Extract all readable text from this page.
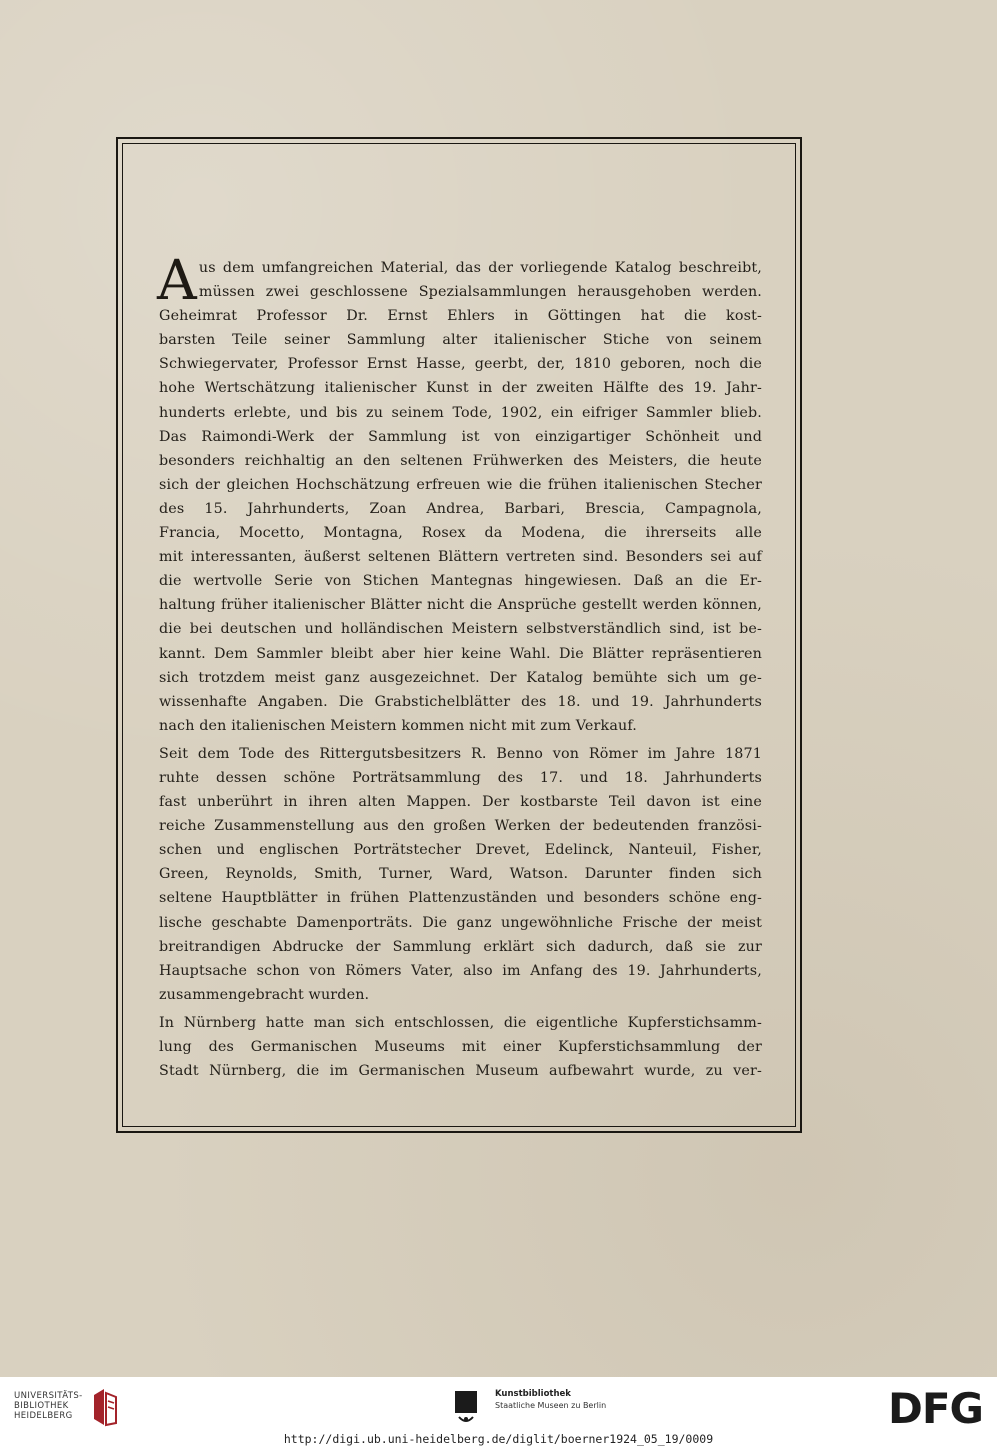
A us dem umfangreichen Material, das der vorliegende Katalog beschreibt,
müssen zwei geschlossene Spezialsammlungen herausgehoben werden.
Geheimrat Professor Dr. Ernst Ehlers in Göttingen hat die kost-
barsten Teile seiner Sammlung alter italienischer Stiche von seinem
Schwiegervater, Professor Ernst Hasse, geerbt, der, 1810 geboren, noch die
hohe Wertschätzung italienischer Kunst in der zweiten Hälfte des 19. Jahr-
hunderts erlebte, und bis zu seinem Tode, 1902, ein eifriger Sammler blieb.
Das Raimondi-Werk der Sammlung ist von einzigartiger Schönheit und
besonders reichhaltig an den seltenen Frühwerken des Meisters, die heute
sich der gleichen Hochschätzung erfreuen wie die frühen italienischen Stecher
des 15. Jahrhunderts, Zoan Andrea, Barbari, Brescia, Campagnola,
Francia, Mocetto, Montagna, Rosex da Modena, die ihrerseits alle
mit interessanten, äußerst seltenen Blättern vertreten sind. Besonders sei auf
die wertvolle Serie von Stichen Mantegnas hingewiesen. Daß an die Er-
haltung früher italienischer Blätter nicht die Ansprüche gestellt werden können,
die bei deutschen und holländischen Meistern selbstverständlich sind, ist be-
kannt. Dem Sammler bleibt aber hier keine Wahl. Die Blätter repräsentieren
sich trotzdem meist ganz ausgezeichnet. Der Katalog bemühte sich um ge-
wissenhafte Angaben. Die Grabstichelblätter des 18. und 19. Jahrhunderts
nach den italienischen Meistern kommen nicht mit zum Verkauf.
Seit dem Tode des Rittergutsbesitzers R. Benno von Römer im Jahre 1871
ruhte dessen schöne Porträtsammlung des 17. und 18. Jahrhunderts
fast unberührt in ihren alten Mappen. Der kostbarste Teil davon ist eine
reiche Zusammenstellung aus den großen Werken der bedeutenden französi-
schen und englischen Porträtstecher Drevet, Edelinck, Nanteuil, Fisher,
Green, Reynolds, Smith, Turner, Ward, Watson. Darunter finden sich
seltene Hauptblätter in frühen Plattenzuständen und besonders schöne eng-
lische geschabte Damenporträts. Die ganz ungewöhnliche Frische der meist
breitrandigen Abdrucke der Sammlung erklärt sich dadurch, daß sie zur
Hauptsache schon von Römers Vater, also im Anfang des 19. Jahrhunderts,
zusammengebracht wurden.
In Nürnberg hatte man sich entschlossen, die eigentliche Kupferstichsamm-
lung des Germanischen Museums mit einer Kupferstichsammlung der
Stadt Nürnberg, die im Germanischen Museum aufbewahrt wurde, zu ver-
UNIVERSITÄTS-
BIBLIOTHEK
HEIDELBERG
Kunstbibliothek
Staatliche Museen zu Berlin	DFG
http://digi.ub.uni-heidelberg.de/diglit/boerner1924_05_19/0009
